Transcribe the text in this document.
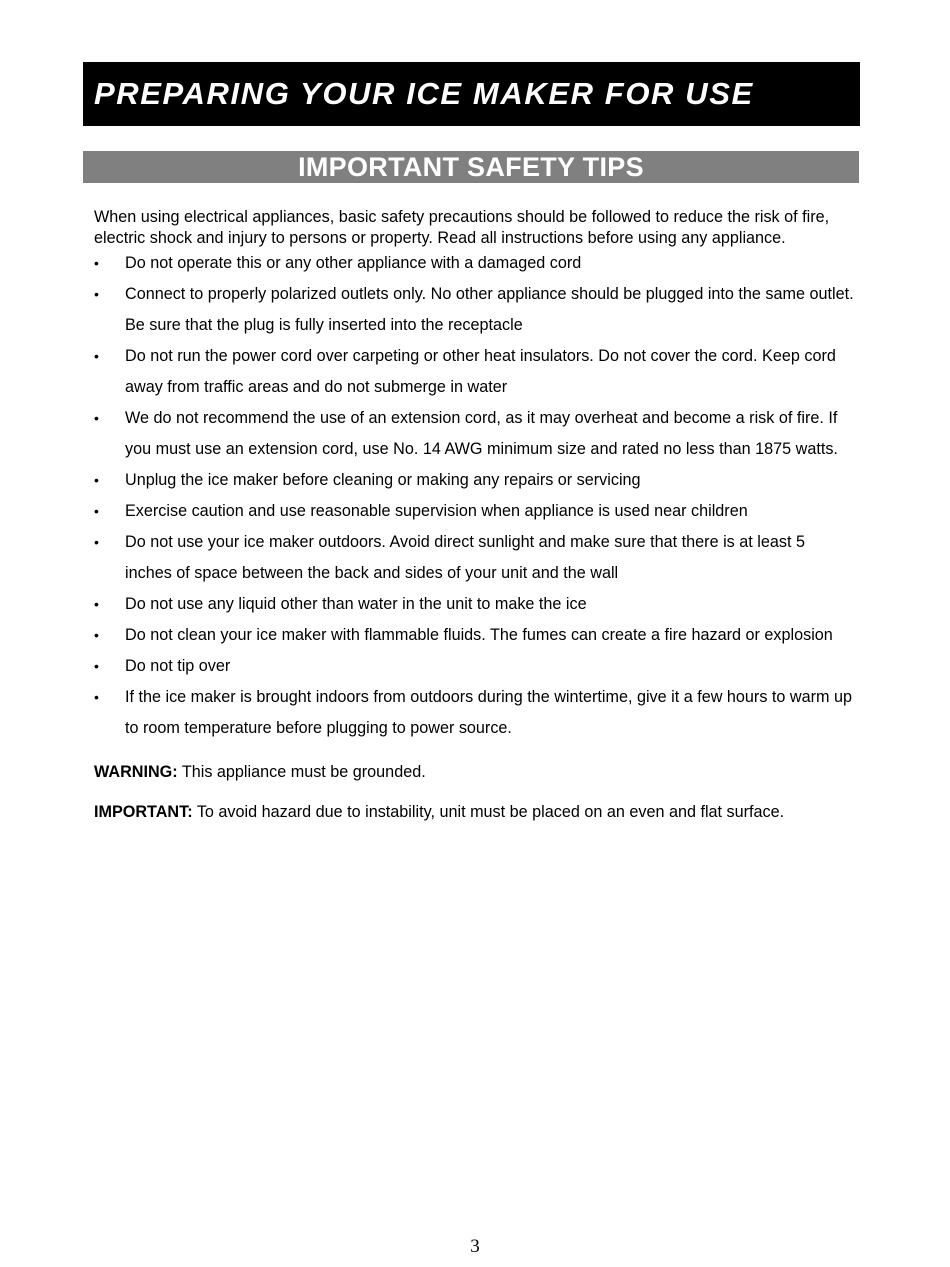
PREPARING YOUR ICE MAKER FOR USE
IMPORTANT SAFETY TIPS

When using electrical appliances, basic safety precautions should be followed to reduce the risk of fire, electric shock and injury to persons or property. Read all instructions before using any appliance.

•	Do not operate this or any other appliance with a damaged cord
•	Connect to properly polarized outlets only. No other appliance should be plugged into the same outlet. Be sure that the plug is fully inserted into the receptacle
•	Do not run the power cord over carpeting or other heat insulators. Do not cover the cord. Keep cord away from traffic areas and do not submerge in water
•	We do not recommend the use of an extension cord, as it may overheat and become a risk of fire. If you must use an extension cord, use No. 14 AWG minimum size and rated no less than 1875 watts.
•	Unplug the ice maker before cleaning or making any repairs or servicing
•	Exercise caution and use reasonable supervision when appliance is used near children
•	Do not use your ice maker outdoors. Avoid direct sunlight and make sure that there is at least 5 inches of space between the back and sides of your unit and the wall
•	Do not use any liquid other than water in the unit to make the ice
•	Do not clean your ice maker with flammable fluids. The fumes can create a fire hazard or explosion
•	Do not tip over
•	If the ice maker is brought indoors from outdoors during the wintertime, give it a few hours to warm up to room temperature before plugging to power source.

WARNING: This appliance must be grounded.

IMPORTANT: To avoid hazard due to instability, unit must be placed on an even and flat surface.

3
